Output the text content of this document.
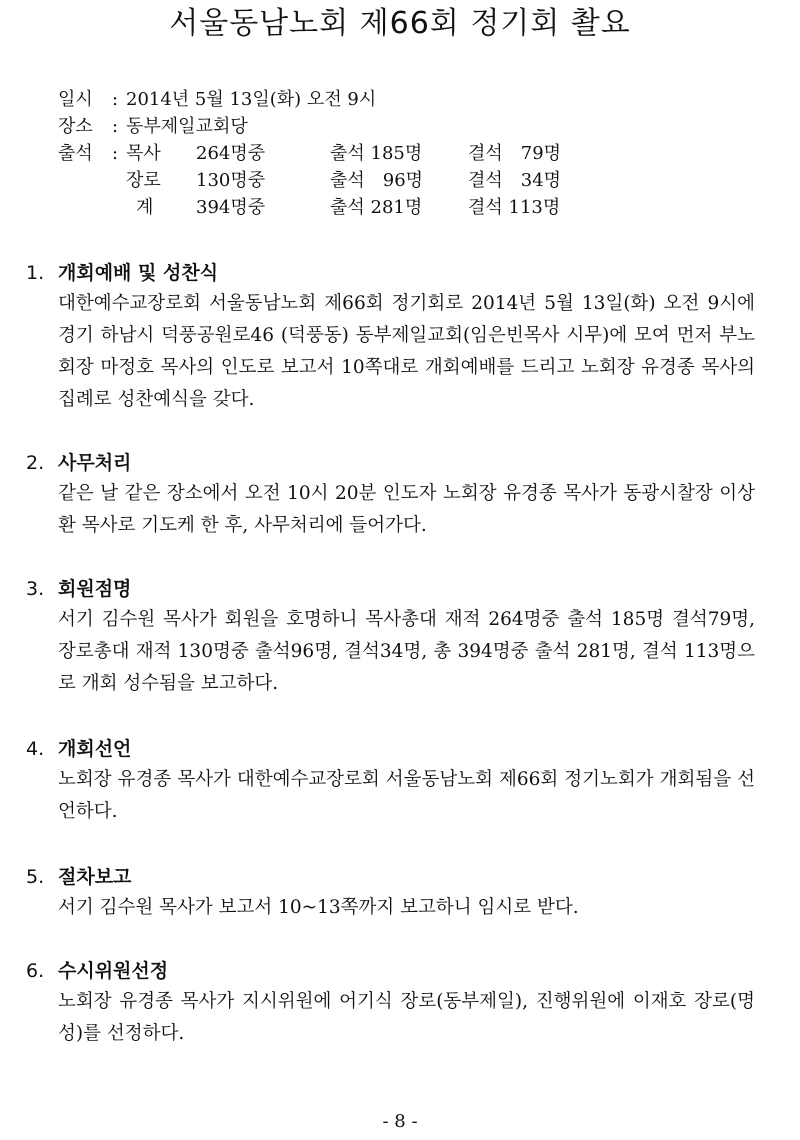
서울동남노회 제66회 정기회 촬요
일시 : 2014년 5월 13일(화) 오전 9시
장소 : 동부제일교회당
출석 : 목사 264명중	출석 185명	결석　79명
장로 130명중	출석　96명 결석　34명
계 394명중	출석 281명	결석 113명
1. 개회예배 및 성찬식
대한예수교장로회 서울동남노회 제66회 정기회로 2014년 5월 13일(화) 오전 9시에 경기 하남시 덕풍공원로46 (덕풍동) 동부제일교회(임은빈목사 시무)에 모여 먼저 부노회장 마정호 목사의 인도로 보고서 10쪽대로 개회예배를 드리고 노회장 유경종 목사의 집례로 성찬예식을 갖다.
2. 사무처리
같은 날 같은 장소에서 오전 10시 20분 인도자 노회장 유경종 목사가 동광시찰장 이상환 목사로 기도케 한 후, 사무처리에 들어가다.
3. 회원점명
서기 김수원 목사가 회원을 호명하니 목사총대 재적 264명중 출석 185명 결석79명, 장로총대 재적 130명중 출석96명, 결석34명, 총 394명중 출석 281명, 결석 113명으로 개회 성수됨을 보고하다.
4. 개회선언
노회장 유경종 목사가 대한예수교장로회 서울동남노회 제66회 정기노회가 개회됨을 선언하다.
5. 절차보고
서기 김수원 목사가 보고서 10~13쪽까지 보고하니 임시로 받다.
6. 수시위원선정
노회장 유경종 목사가 지시위원에 어기식 장로(동부제일), 진행위원에 이재호 장로(명성)를 선정하다.
- 8 -
